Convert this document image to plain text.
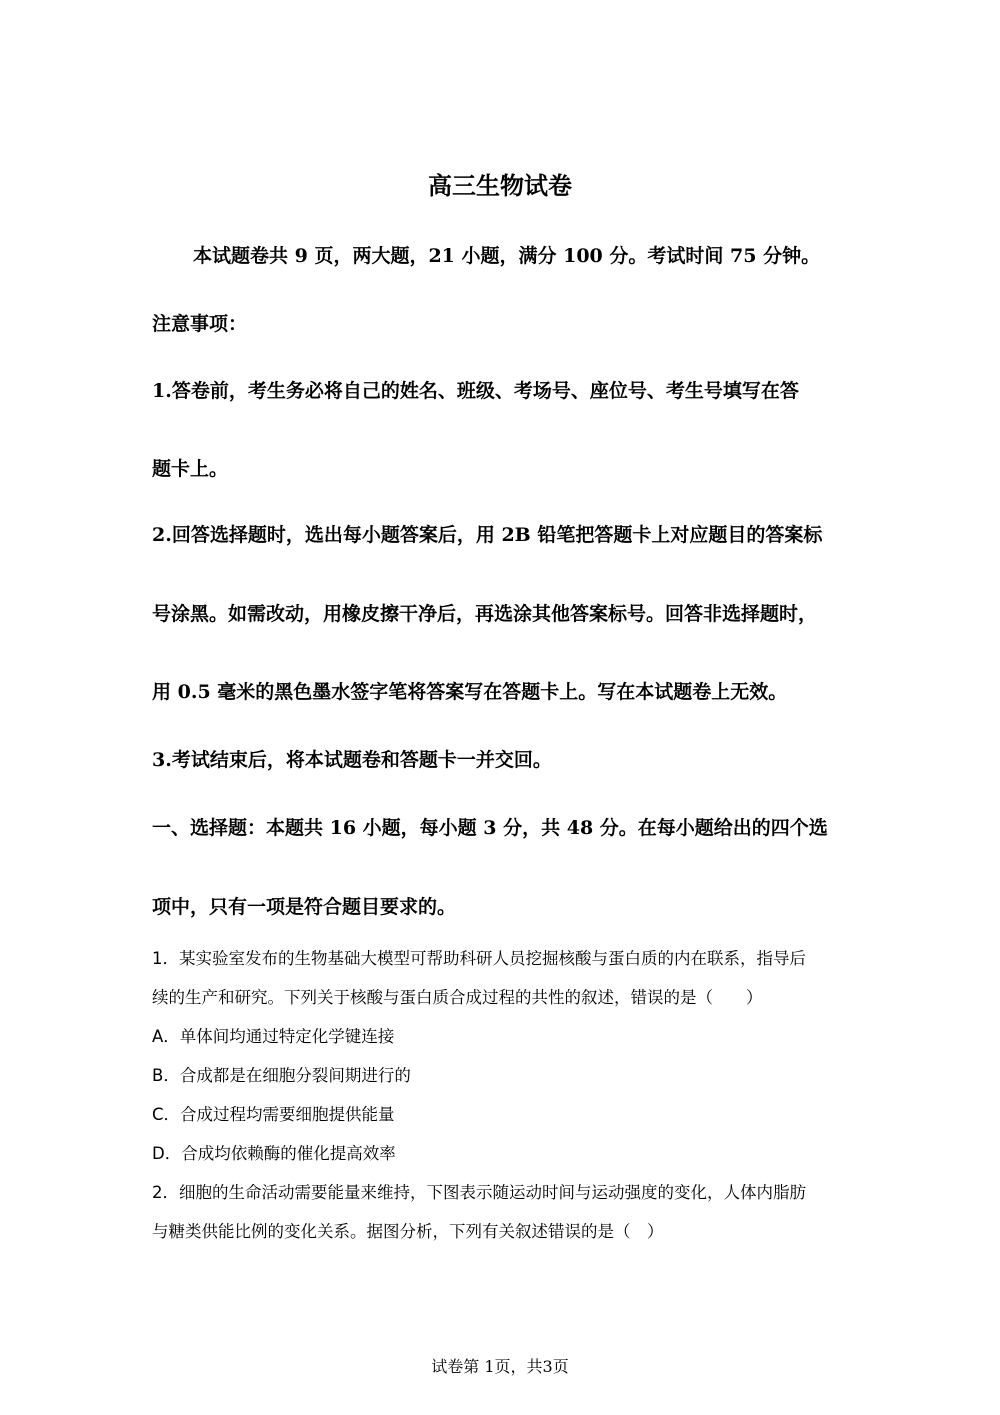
高三生物试卷
本试题卷共 9 页，两大题，21 小题，满分 100 分。考试时间 75 分钟。
注意事项：
1.答卷前，考生务必将自己的姓名、班级、考场号、座位号、考生号填写在答
题卡上。
2.回答选择题时，选出每小题答案后，用 2B 铅笔把答题卡上对应题目的答案标
号涂黑。如需改动，用橡皮擦干净后，再选涂其他答案标号。回答非选择题时，
用 0.5 毫米的黑色墨水签字笔将答案写在答题卡上。写在本试题卷上无效。
3.考试结束后，将本试题卷和答题卡一并交回。
一、选择题：本题共 16 小题，每小题 3 分，共 48 分。在每小题给出的四个选
项中，只有一项是符合题目要求的。
1．某实验室发布的生物基础大模型可帮助科研人员挖掘核酸与蛋白质的内在联系，指导后
续的生产和研究。下列关于核酸与蛋白质合成过程的共性的叙述，错误的是（　　）
A．单体间均通过特定化学键连接
B．合成都是在细胞分裂间期进行的
C．合成过程均需要细胞提供能量
D．合成均依赖酶的催化提高效率
2．细胞的生命活动需要能量来维持，下图表示随运动时间与运动强度的变化，人体内脂肪
与糖类供能比例的变化关系。据图分析，下列有关叙述错误的是（　）
试卷第 1页，共3页
